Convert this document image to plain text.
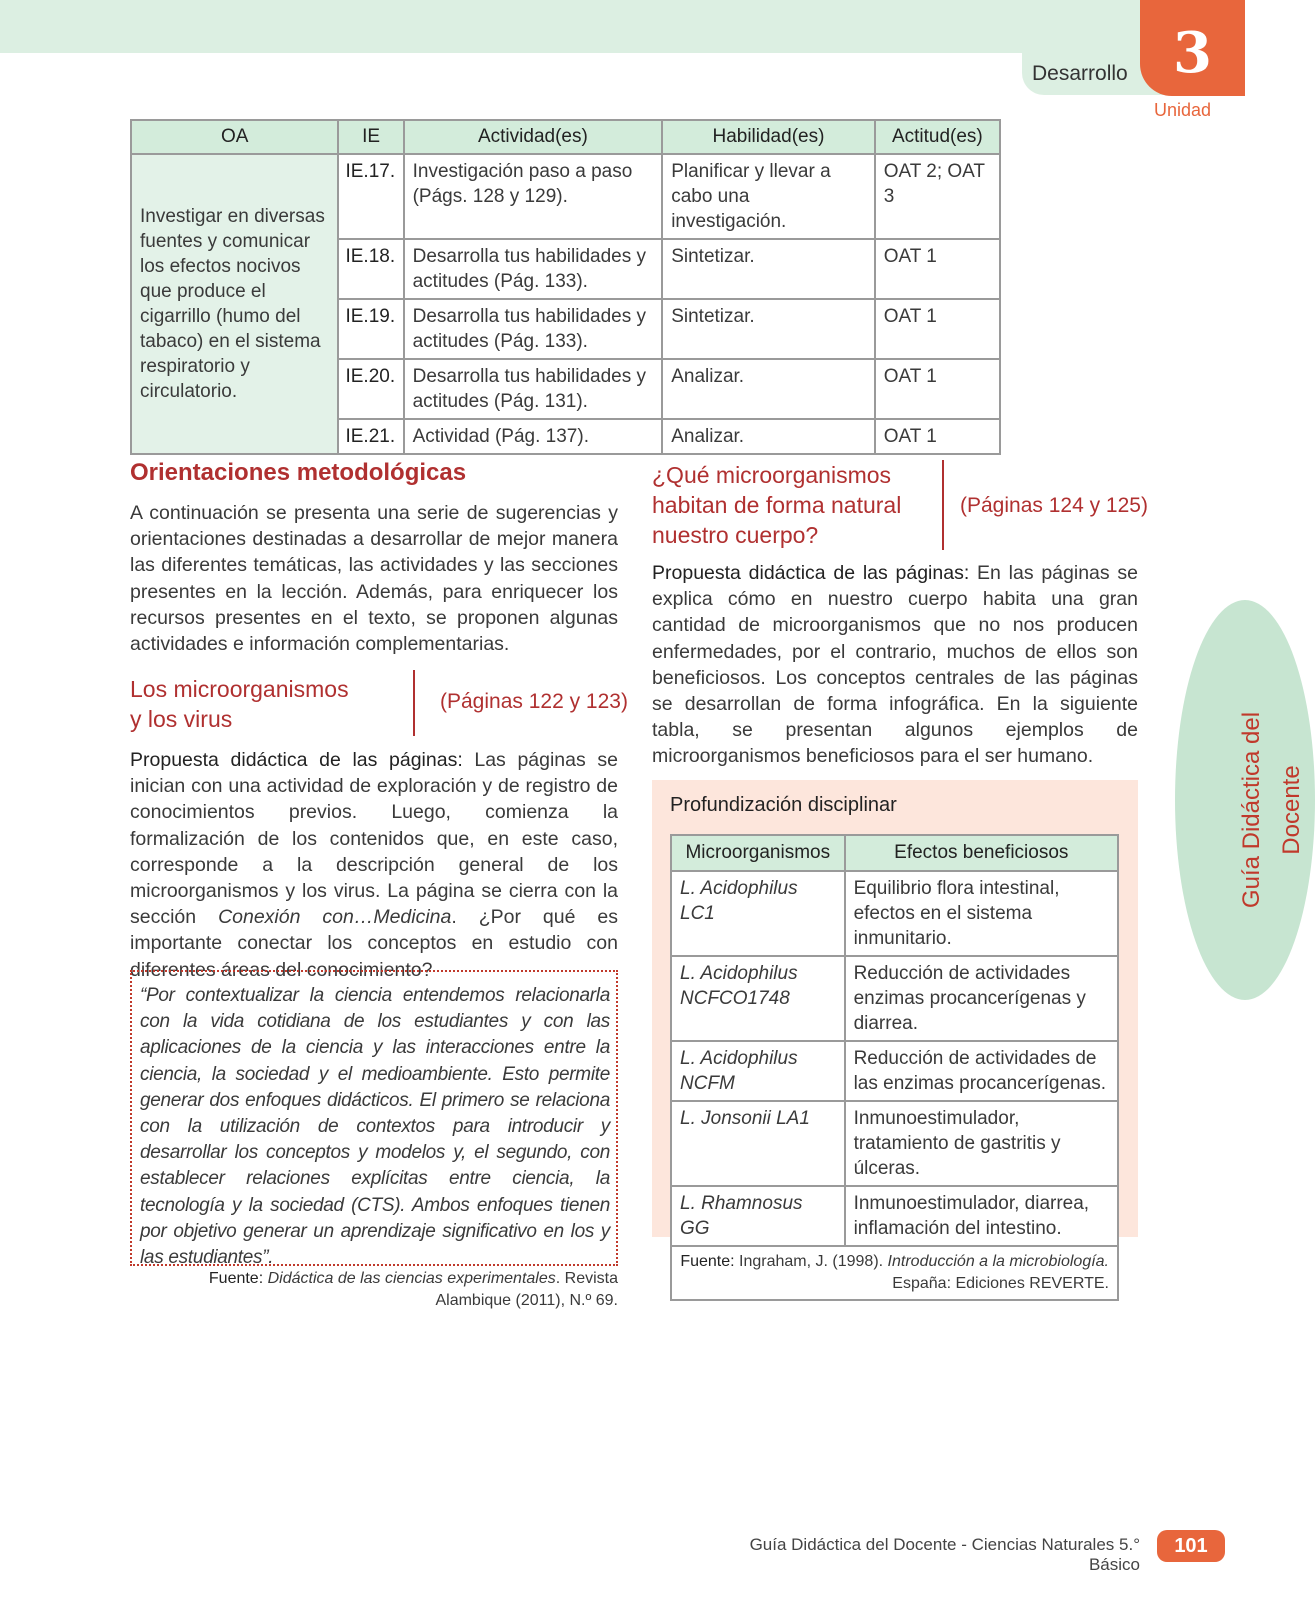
Desarrollo 3
Unidad
Guía Didáctica del Docente
OA	IE	Actividad(es)	Habilidad(es)	Actitud(es)
Investigar en diversas fuentes y comunicar los efectos nocivos que produce el cigarrillo (humo del tabaco) en el sistema respiratorio y circulatorio.	IE.17.	Investigación paso a paso (Págs. 128 y 129).	Planificar y llevar a cabo una investigación.	OAT 2; OAT 3
	IE.18.	Desarrolla tus habilidades y actitudes (Pág. 133).	Sintetizar.	OAT 1
	IE.19.	Desarrolla tus habilidades y actitudes (Pág. 133).	Sintetizar.	OAT 1
	IE.20.	Desarrolla tus habilidades y actitudes (Pág. 131).	Analizar.	OAT 1
	IE.21.	Actividad (Pág. 137).	Analizar.	OAT 1
Orientaciones metodológicas
A continuación se presenta una serie de sugerencias y orientaciones destinadas a desarrollar de mejor manera las diferentes temáticas, las actividades y las secciones presentes en la lección. Además, para enriquecer los recursos presentes en el texto, se proponen algunas actividades e información complementarias.
Los microorganismos
y los virus
(Páginas 122 y 123)
Propuesta didáctica de las páginas: Las páginas se inician con una actividad de exploración y de registro de conocimientos previos. Luego, comienza la formalización de los contenidos que, en este caso, corresponde a la descripción general de los microorganismos y los virus. La página se cierra con la sección Conexión con…Medicina. ¿Por qué es importante conectar los conceptos en estudio con diferentes áreas del conocimiento?
“Por contextualizar la ciencia entendemos relacionarla con la vida cotidiana de los estudiantes y con las aplicaciones de la ciencia y las interacciones entre la ciencia, la sociedad y el medioambiente. Esto permite generar dos enfoques didácticos. El primero se relaciona con la utilización de contextos para introducir y desarrollar los conceptos y modelos y, el segundo, con establecer relaciones explícitas entre ciencia, la tecnología y la sociedad (CTS). Ambos enfoques tienen por objetivo generar un aprendizaje significativo en los y las estudiantes”.
Fuente: Didáctica de las ciencias experimentales. Revista Alambique (2011), N.º 69.
¿Qué microorganismos
habitan de forma natural
nuestro cuerpo?
(Páginas 124 y 125)
Propuesta didáctica de las páginas: En las páginas se explica cómo en nuestro cuerpo habita una gran cantidad de microorganismos que no nos producen enfermedades, por el contrario, muchos de ellos son beneficiosos. Los conceptos centrales de las páginas se desarrollan de forma infográfica. En la siguiente tabla, se presentan algunos ejemplos de microorganismos beneficiosos para el ser humano.
Profundización disciplinar
Microorganismos	Efectos beneficiosos
L. Acidophilus LC1	Equilibrio flora intestinal, efectos en el sistema inmunitario.
L. Acidophilus NCFCO1748	Reducción de actividades enzimas procancerígenas y diarrea.
L. Acidophilus NCFM	Reducción de actividades de las enzimas procancerígenas.
L. Jonsonii LA1	Inmunoestimulador, tratamiento de gastritis y úlceras.
L. Rhamnosus GG	Inmunoestimulador, diarrea, inflamación del intestino.
Fuente: Ingraham, J. (1998). Introducción a la microbiología.
España: Ediciones REVERTE.	
Guía Didáctica del Docente - Ciencias Naturales 5.° Básico
101
